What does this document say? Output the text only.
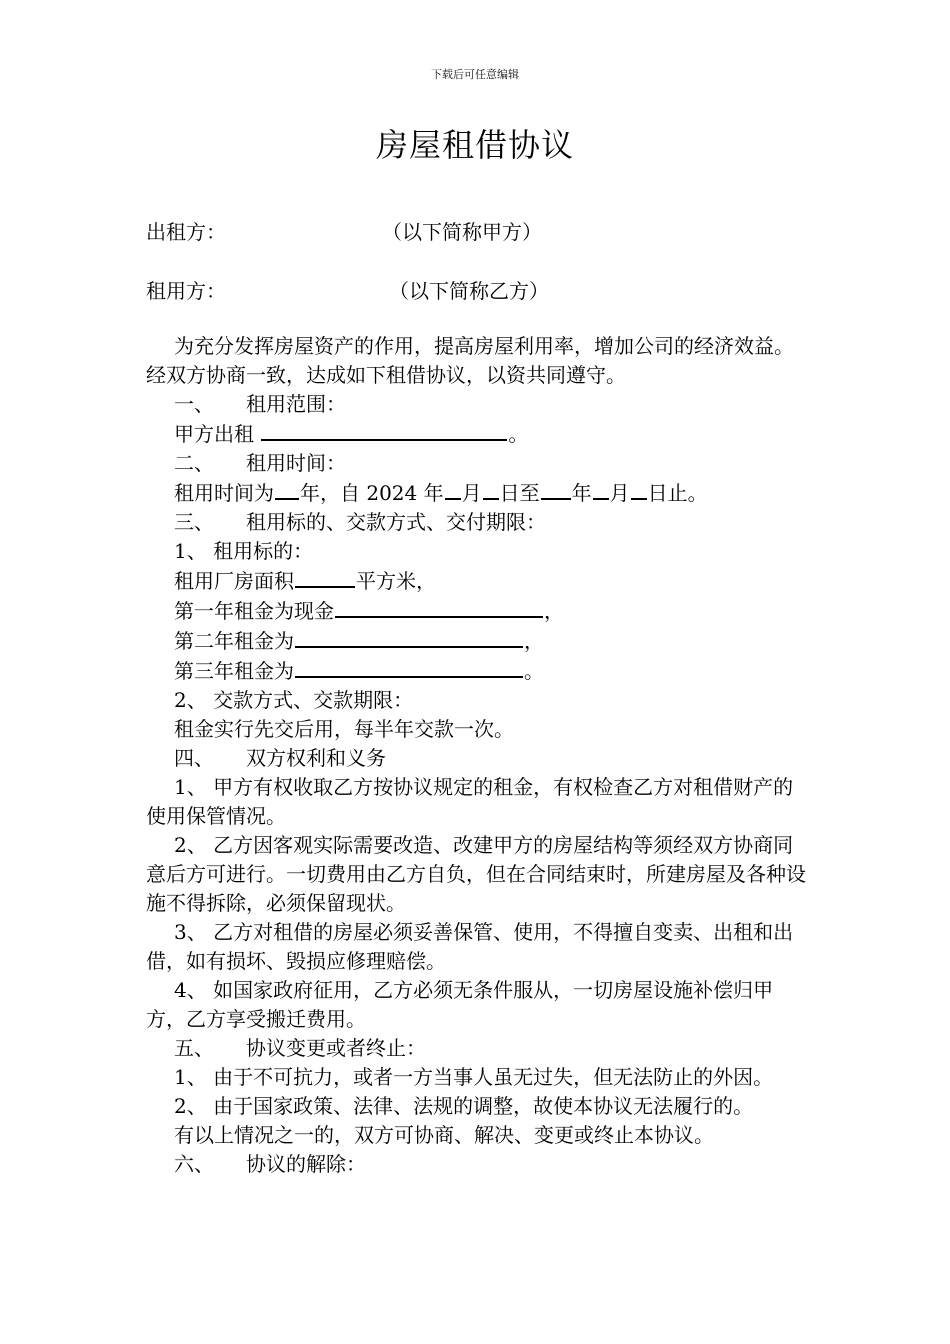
下载后可任意编辑
房屋租借协议
出租方：	（以下简称甲方）
租用方：	（以下简称乙方）

为充分发挥房屋资产的作用，提高房屋利用率，增加公司的经济效益。经双方协商一致，达成如下租借协议，以资共同遵守。

一、 租用范围：
甲方出租	。
二、 租用时间：
租用时间为 年，自 2024 年 月 日至 年 月 日止。
三、 租用标的、交款方式、交付期限：
1、 租用标的：
租用厂房面积	平方米，
第一年租金为现金	，
第二年租金为	，
第三年租金为	。
2、 交款方式、交款期限：
租金实行先交后用，每半年交款一次。
四、 双方权利和义务

1、 甲方有权收取乙方按协议规定的租金，有权检查乙方对租借财产的使用保管情况。

2、 乙方因客观实际需要改造、改建甲方的房屋结构等须经双方协商同意后方可进行。一切费用由乙方自负，但在合同结束时，所建房屋及各种设施不得拆除，必须保留现状。

3、 乙方对租借的房屋必须妥善保管、使用，不得擅自变卖、出租和出借，如有损坏、毁损应修理赔偿。

4、 如国家政府征用，乙方必须无条件服从，一切房屋设施补偿归甲方，乙方享受搬迁费用。

五、 协议变更或者终止：

1、 由于不可抗力，或者一方当事人虽无过失，但无法防止的外因。

2、 由于国家政策、法律、法规的调整，故使本协议无法履行的。

有以上情况之一的，双方可协商、解决、变更或终止本协议。
六、 协议的解除：
